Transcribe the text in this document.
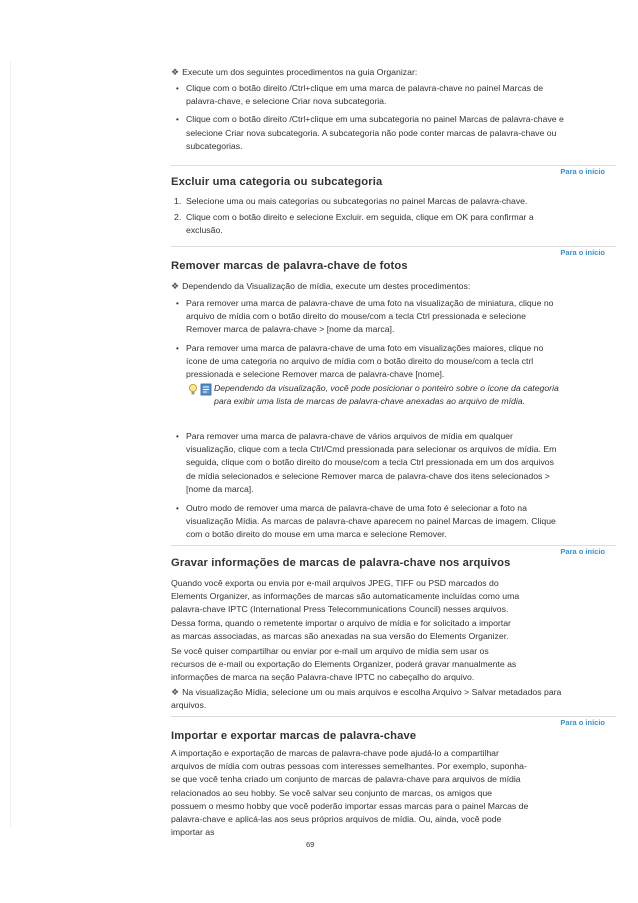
❖ Execute um dos seguintes procedimentos na guia Organizar:

• Clique com o botão direito /Ctrl+clique em uma marca de palavra-chave no painel Marcas de palavra-chave, e selecione Criar nova subcategoria.
• Clique com o botão direito /Ctrl+clique em uma subcategoria no painel Marcas de palavra-chave e selecione Criar nova subcategoria. A subcategoria não pode conter marcas de palavra-chave ou subcategorias.
Para o início
Excluir uma categoria ou subcategoria
1. Selecione uma ou mais categorias ou subcategorias no painel Marcas de palavra-chave.
2. Clique com o botão direito e selecione Excluir. em seguida, clique em OK para confirmar a exclusão.
Para o início
Remover marcas de palavra-chave de fotos

❖ Dependendo da Visualização de mídia, execute um destes procedimentos:

• Para remover uma marca de palavra-chave de uma foto na visualização de miniatura, clique no arquivo de mídia com o botão direito do mouse/com a tecla Ctrl pressionada e selecione Remover marca de palavra-chave > [nome da marca].
• Para remover uma marca de palavra-chave de uma foto em visualizações maiores, clique no ícone de uma categoria no arquivo de mídia com o botão direito do mouse/com a tecla ctrl pressionada e selecione Remover marca de palavra-chave [nome].

Dependendo da visualização, você pode posicionar o ponteiro sobre o ícone da categoria para exibir uma lista de marcas de palavra-chave anexadas ao arquivo de mídia.

• Para remover uma marca de palavra-chave de vários arquivos de mídia em qualquer visualização, clique com a tecla Ctrl/Cmd pressionada para selecionar os arquivos de mídia. Em seguida, clique com o botão direito do mouse/com a tecla Ctrl pressionada em um dos arquivos de mídia selecionados e selecione Remover marca de palavra-chave dos itens selecionados > [nome da marca].
• Outro modo de remover uma marca de palavra-chave de uma foto é selecionar a foto na visualização Mídia. As marcas de palavra-chave aparecem no painel Marcas de imagem. Clique com o botão direito do mouse em uma marca e selecione Remover.
Para o início
Gravar informações de marcas de palavra-chave nos arquivos

Quando você exporta ou envia por e-mail arquivos JPEG, TIFF ou PSD marcados do Elements Organizer, as informações de marcas são automaticamente incluídas como uma palavra-chave IPTC (International Press Telecommunications Council) nesses arquivos. Dessa forma, quando o remetente importar o arquivo de mídia e for solicitado a importar as marcas associadas, as marcas são anexadas na sua versão do Elements Organizer.

Se você quiser compartilhar ou enviar por e-mail um arquivo de mídia sem usar os recursos de e-mail ou exportação do Elements Organizer, poderá gravar manualmente as informações de marca na seção Palavra-chave IPTC no cabeçalho do arquivo.

❖ Na visualização Mídia, selecione um ou mais arquivos e escolha Arquivo > Salvar metadados para arquivos.

Para o início
Importar e exportar marcas de palavra-chave

A importação e exportação de marcas de palavra-chave pode ajudá-lo a compartilhar arquivos de mídia com outras pessoas com interesses semelhantes. Por exemplo, suponha-se que você tenha criado um conjunto de marcas de palavra-chave para arquivos de mídia relacionados ao seu hobby. Se você salvar seu conjunto de marcas, os amigos que possuem o mesmo hobby que você poderão importar essas marcas para o painel Marcas de palavra-chave e aplicá-las aos seus próprios arquivos de mídia. Ou, ainda, você pode importar as

69
